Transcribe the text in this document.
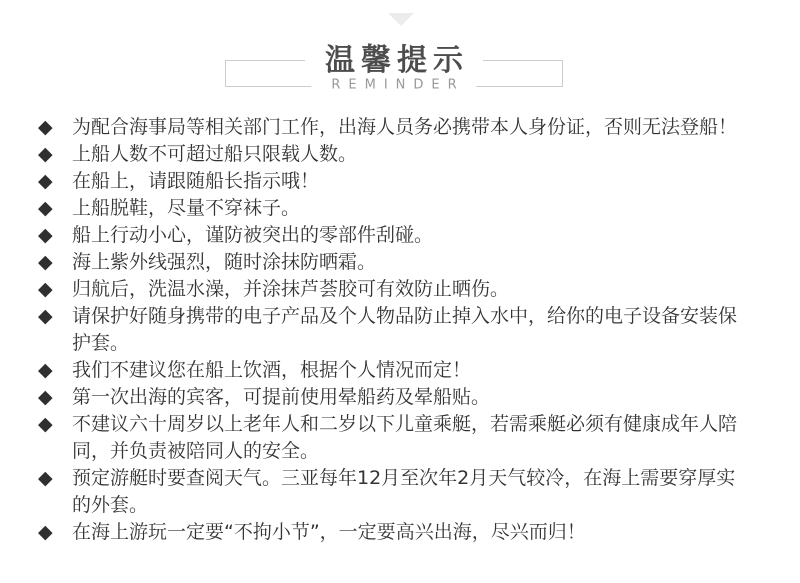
温馨提示
REMINDER
◆	为配合海事局等相关部门工作，出海人员务必携带本人身份证，否则无法登船！
◆	上船人数不可超过船只限载人数。
◆	在船上，请跟随船长指示哦！
◆	上船脱鞋，尽量不穿袜子。
◆	船上行动小心，谨防被突出的零部件刮碰。
◆	海上紫外线强烈，随时涂抹防晒霜。
◆	归航后，洗温水澡，并涂抹芦荟胶可有效防止晒伤。
◆	请保护好随身携带的电子产品及个人物品防止掉入水中，给你的电子设备安装保
护套。
◆	我们不建议您在船上饮酒，根据个人情况而定！
◆	第一次出海的宾客，可提前使用晕船药及晕船贴。
◆	不建议六十周岁以上老年人和二岁以下儿童乘艇，若需乘艇必须有健康成年人陪
同，并负责被陪同人的安全。
◆	预定游艇时要查阅天气。三亚每年12月至次年2月天气较冷，在海上需要穿厚实
的外套。
◆	在海上游玩一定要“不拘小节”，一定要高兴出海，尽兴而归！
